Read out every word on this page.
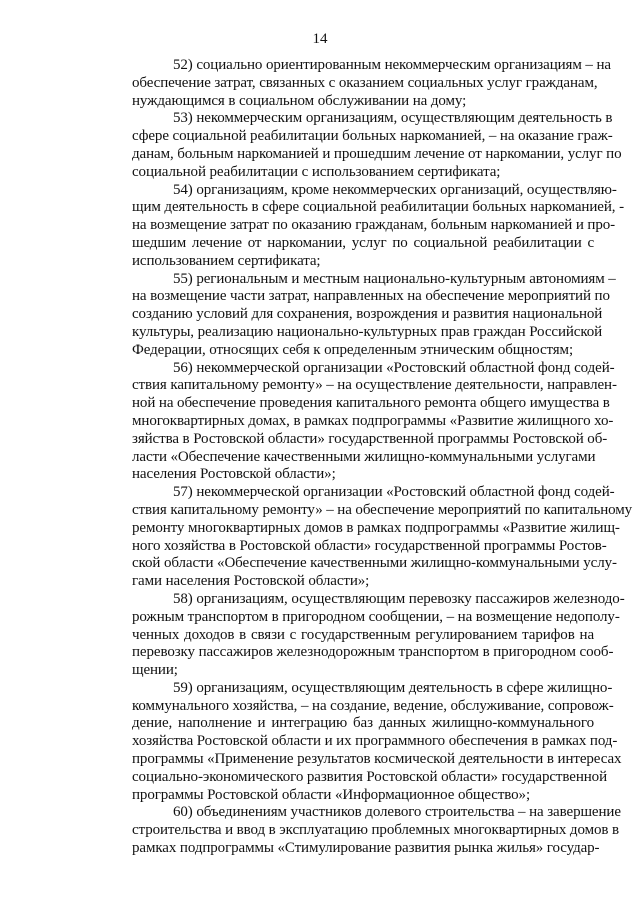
14
52) социально ориентированным некоммерческим организациям – на
обеспечение затрат, связанных с оказанием социальных услуг гражданам,
нуждающимся в социальном обслуживании на дому;
53) некоммерческим организациям, осуществляющим деятельность в
сфере социальной реабилитации больных наркоманией, – на оказание граж-
данам, больным наркоманией и прошедшим лечение от наркомании, услуг по
социальной реабилитации с использованием сертификата;
54) организациям, кроме некоммерческих организаций, осуществляю-
щим деятельность в сфере социальной реабилитации больных наркоманией, -
на возмещение затрат по оказанию гражданам, больным наркоманией и про-
шедшим лечение от наркомании, услуг по социальной реабилитации с
использованием сертификата;
55) региональным и местным национально-культурным автономиям –
на возмещение части затрат, направленных на обеспечение мероприятий по
созданию условий для сохранения, возрождения и развития национальной
культуры, реализацию национально-культурных прав граждан Российской
Федерации, относящих себя к определенным этническим общностям;
56) некоммерческой организации «Ростовский областной фонд содей-
ствия капитальному ремонту» – на осуществление деятельности, направлен-
ной на обеспечение проведения капитального ремонта общего имущества в
многоквартирных домах, в рамках подпрограммы «Развитие жилищного хо-
зяйства в Ростовской области» государственной программы Ростовской об-
ласти «Обеспечение качественными жилищно-коммунальными услугами
населения Ростовской области»;
57) некоммерческой организации «Ростовский областной фонд содей-
ствия капитальному ремонту» – на обеспечение мероприятий по капитальному
ремонту многоквартирных домов в рамках подпрограммы «Развитие жилищ-
ного хозяйства в Ростовской области» государственной программы Ростов-
ской области «Обеспечение качественными жилищно-коммунальными услу-
гами населения Ростовской области»;
58) организациям, осуществляющим перевозку пассажиров железнодо-
рожным транспортом в пригородном сообщении, – на возмещение недополу-
ченных доходов в связи с государственным регулированием тарифов на
перевозку пассажиров железнодорожным транспортом в пригородном сооб-
щении;
59) организациям, осуществляющим деятельность в сфере жилищно-
коммунального хозяйства, – на создание, ведение, обслуживание, сопровож-
дение, наполнение и интеграцию баз данных жилищно-коммунального
хозяйства Ростовской области и их программного обеспечения в рамках под-
программы «Применение результатов космической деятельности в интересах
социально-экономического развития Ростовской области» государственной
программы Ростовской области «Информационное общество»;
60) объединениям участников долевого строительства – на завершение
строительства и ввод в эксплуатацию проблемных многоквартирных домов в
рамках подпрограммы «Стимулирование развития рынка жилья» государ-
